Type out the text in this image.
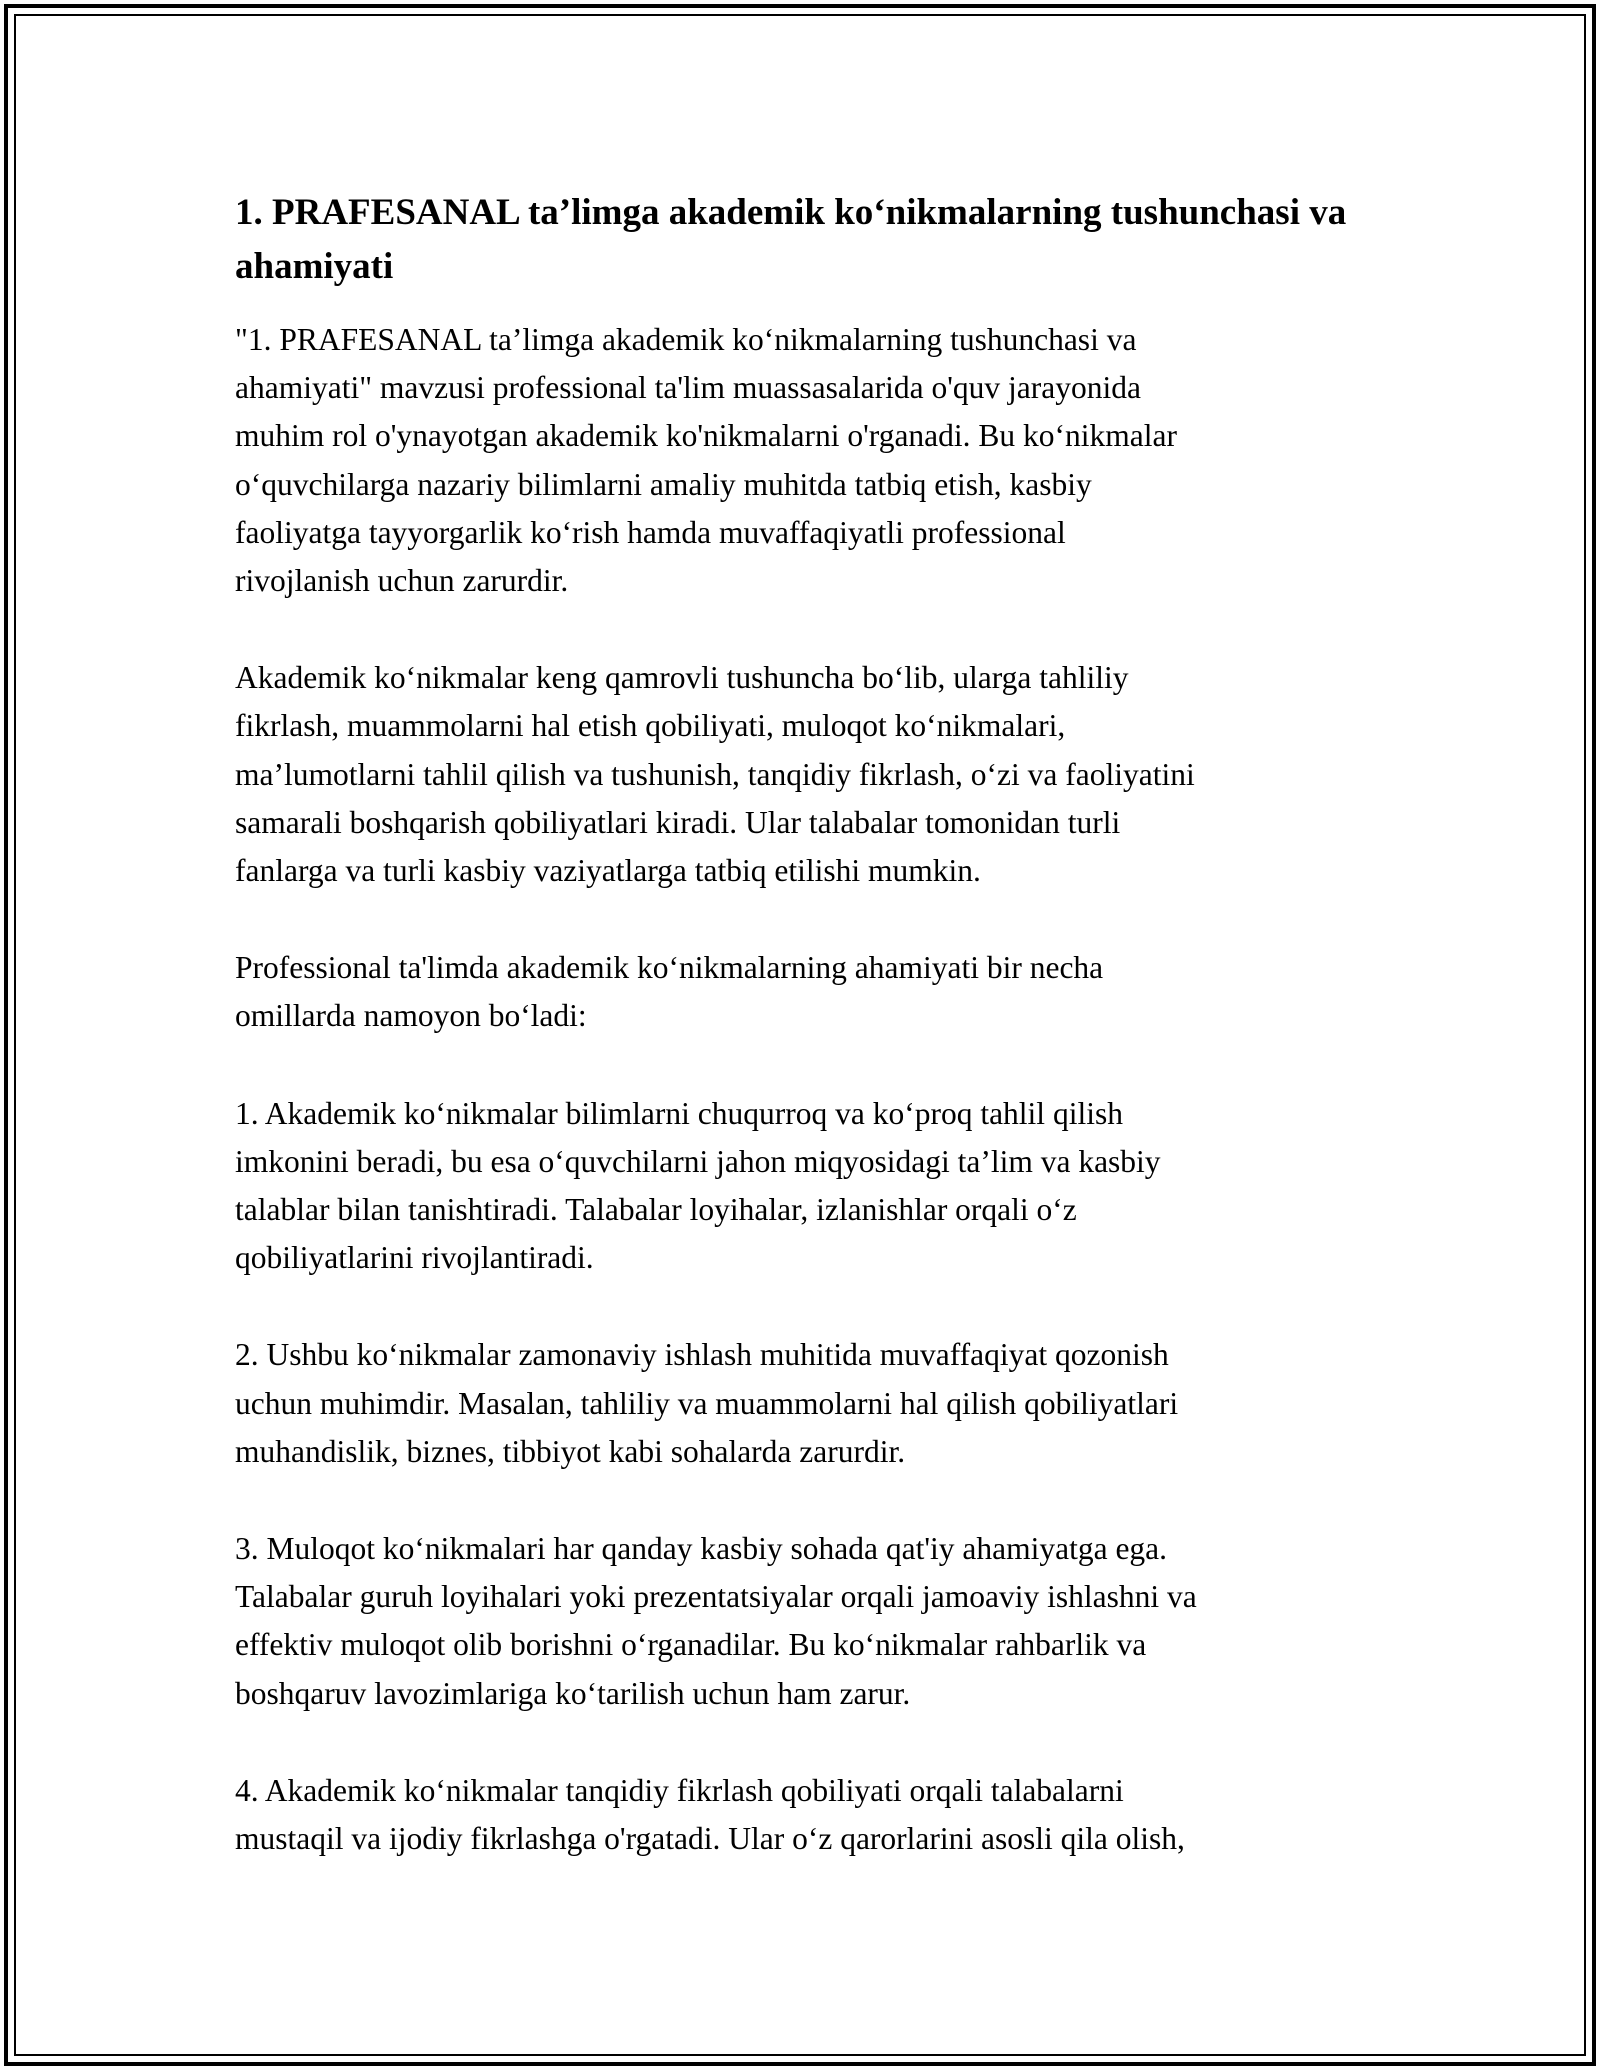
1. PRAFESANAL ta’limga akademik ko‘nikmalarning tushunchasi va ahamiyati

"1. PRAFESANAL ta’limga akademik ko‘nikmalarning tushunchasi va
ahamiyati" mavzusi professional ta'lim muassasalarida o'quv jarayonida
muhim rol o'ynayotgan akademik ko'nikmalarni o'rganadi. Bu ko‘nikmalar
o‘quvchilarga nazariy bilimlarni amaliy muhitda tatbiq etish, kasbiy
faoliyatga tayyorgarlik ko‘rish hamda muvaffaqiyatli professional
rivojlanish uchun zarurdir.

Akademik ko‘nikmalar keng qamrovli tushuncha bo‘lib, ularga tahliliy
fikrlash, muammolarni hal etish qobiliyati, muloqot ko‘nikmalari,
ma’lumotlarni tahlil qilish va tushunish, tanqidiy fikrlash, o‘zi va faoliyatini
samarali boshqarish qobiliyatlari kiradi. Ular talabalar tomonidan turli
fanlarga va turli kasbiy vaziyatlarga tatbiq etilishi mumkin.

Professional ta'limda akademik ko‘nikmalarning ahamiyati bir necha
omillarda namoyon bo‘ladi:

1. Akademik ko‘nikmalar bilimlarni chuqurroq va ko‘proq tahlil qilish
imkonini beradi, bu esa o‘quvchilarni jahon miqyosidagi ta’lim va kasbiy
talablar bilan tanishtiradi. Talabalar loyihalar, izlanishlar orqali o‘z
qobiliyatlarini rivojlantiradi.

2. Ushbu ko‘nikmalar zamonaviy ishlash muhitida muvaffaqiyat qozonish
uchun muhimdir. Masalan, tahliliy va muammolarni hal qilish qobiliyatlari
muhandislik, biznes, tibbiyot kabi sohalarda zarurdir.

3. Muloqot ko‘nikmalari har qanday kasbiy sohada qat'iy ahamiyatga ega.
Talabalar guruh loyihalari yoki prezentatsiyalar orqali jamoaviy ishlashni va
effektiv muloqot olib borishni o‘rganadilar. Bu ko‘nikmalar rahbarlik va
boshqaruv lavozimlariga ko‘tarilish uchun ham zarur.

4. Akademik ko‘nikmalar tanqidiy fikrlash qobiliyati orqali talabalarni
mustaqil va ijodiy fikrlashga o'rgatadi. Ular o‘z qarorlarini asosli qila olish,
